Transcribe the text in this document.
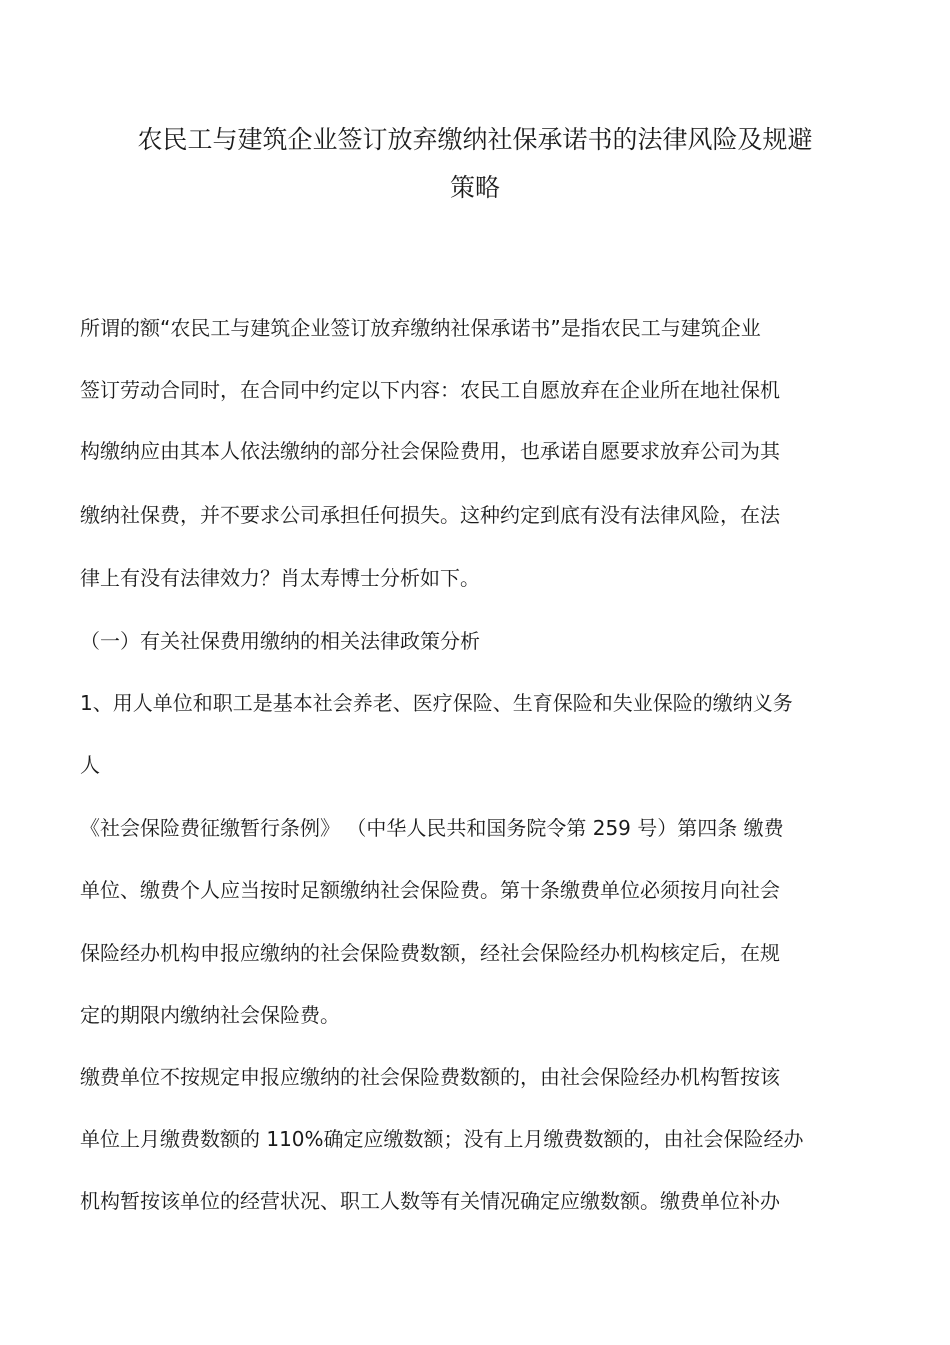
农民工与建筑企业签订放弃缴纳社保承诺书的法律风险及规避
策略
所谓的额“农民工与建筑企业签订放弃缴纳社保承诺书”是指农民工与建筑企业
签订劳动合同时，在合同中约定以下内容：农民工自愿放弃在企业所在地社保机
构缴纳应由其本人依法缴纳的部分社会保险费用，也承诺自愿要求放弃公司为其
缴纳社保费，并不要求公司承担任何损失。这种约定到底有没有法律风险，在法
律上有没有法律效力？肖太寿博士分析如下。
（一）有关社保费用缴纳的相关法律政策分析
1、用人单位和职工是基本社会养老、医疗保险、生育保险和失业保险的缴纳义务
人
《社会保险费征缴暂行条例》 （中华人民共和国务院令第 259 号）第四条 缴费
单位、缴费个人应当按时足额缴纳社会保险费。第十条缴费单位必须按月向社会
保险经办机构申报应缴纳的社会保险费数额，经社会保险经办机构核定后，在规
定的期限内缴纳社会保险费。
缴费单位不按规定申报应缴纳的社会保险费数额的，由社会保险经办机构暂按该
单位上月缴费数额的 110%确定应缴数额；没有上月缴费数额的，由社会保险经办
机构暂按该单位的经营状况、职工人数等有关情况确定应缴数额。缴费单位补办
